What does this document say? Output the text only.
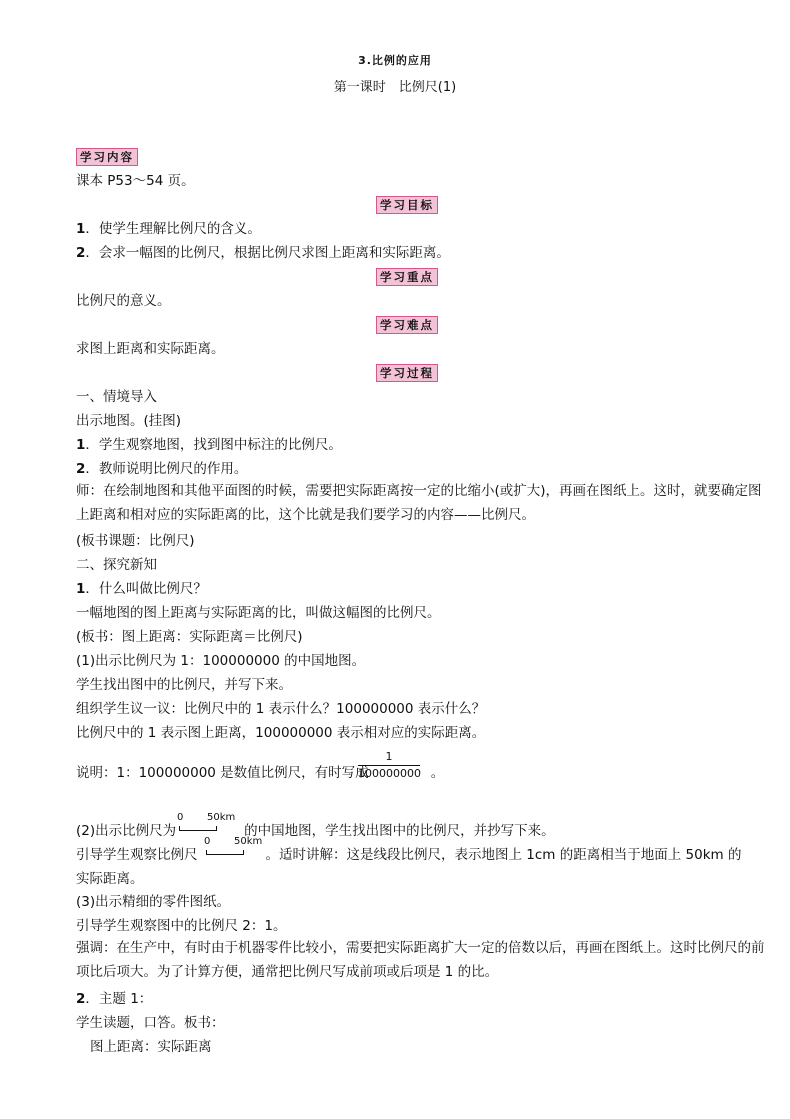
3.比例的应用
第一课时　比例尺(1)
学习内容
课本 P53～54 页。
学习目标
1．使学生理解比例尺的含义。
2．会求一幅图的比例尺，根据比例尺求图上距离和实际距离。
学习重点
比例尺的意义。
学习难点
求图上距离和实际距离。
学习过程
一、情境导入
出示地图。(挂图)
1．学生观察地图，找到图中标注的比例尺。
2．教师说明比例尺的作用。
师：在绘制地图和其他平面图的时候，需要把实际距离按一定的比缩小(或扩大)，再画在图纸上。这时，就要确定图上距离和相对应的实际距离的比，这个比就是我们要学习的内容——比例尺。
(板书课题：比例尺)
二、探究新知
1．什么叫做比例尺？
一幅地图的图上距离与实际距离的比，叫做这幅图的比例尺。
(板书：图上距离：实际距离＝比例尺)
(1)出示比例尺为 1：100000000 的中国地图。
学生找出图中的比例尺，并写下来。
组织学生议一议：比例尺中的 1 表示什么？100000000 表示什么？
比例尺中的 1 表示图上距离，100000000 表示相对应的实际距离。
说明：1：100000000 是数值比例尺，有时写成	。
1
100000000
(2)出示比例尺为	的中国地图，学生找出图中的比例尺，并抄写下来。
0 50km
引导学生观察比例尺	。适时讲解：这是线段比例尺，表示地图上 1cm 的距离相当于地面上 50km 的
0 50km
实际距离。
(3)出示精细的零件图纸。
引导学生观察图中的比例尺 2：1。
强调：在生产中，有时由于机器零件比较小，需要把实际距离扩大一定的倍数以后，再画在图纸上。这时比例尺的前项比后项大。为了计算方便，通常把比例尺写成前项或后项是 1 的比。
2．主题 1：
学生读题，口答。板书：
图上距离：实际距离
